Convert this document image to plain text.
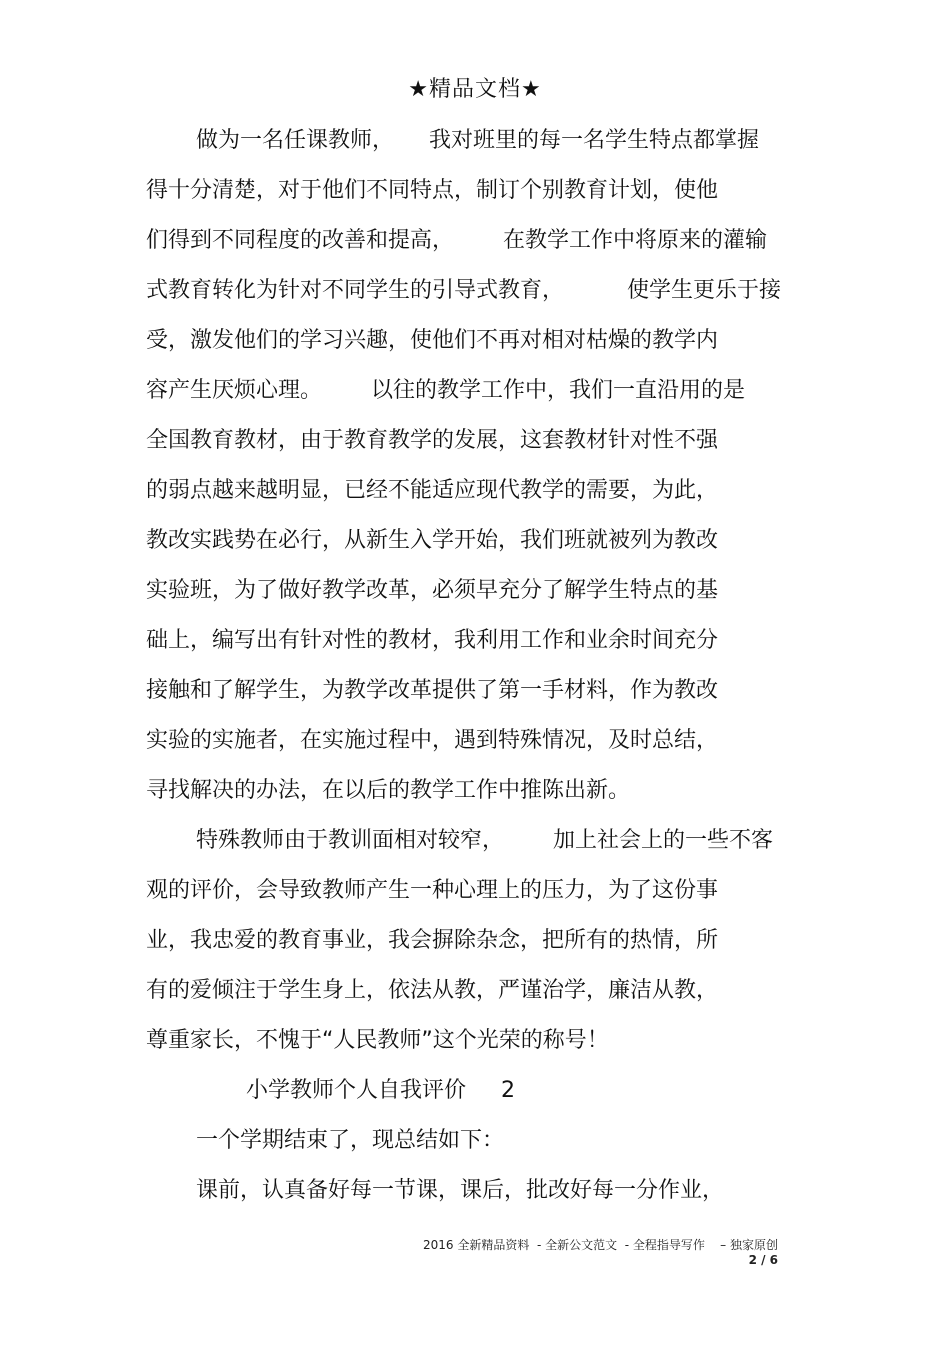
★精品文档★
做为一名任课教师，     我对班里的每一名学生特点都掌握
得十分清楚，对于他们不同特点，制订个别教育计划，使他
们得到不同程度的改善和提高，       在教学工作中将原来的灌输
式教育转化为针对不同学生的引导式教育，         使学生更乐于接
受，激发他们的学习兴趣，使他们不再对相对枯燥的教学内
容产生厌烦心理。       以往的教学工作中，我们一直沿用的是
全国教育教材，由于教育教学的发展，这套教材针对性不强
的弱点越来越明显，已经不能适应现代教学的需要，为此，
教改实践势在必行，从新生入学开始，我们班就被列为教改
实验班，为了做好教学改革，必须早充分了解学生特点的基
础上，编写出有针对性的教材，我利用工作和业余时间充分
接触和了解学生，为教学改革提供了第一手材料，作为教改
实验的实施者，在实施过程中，遇到特殊情况，及时总结，
寻找解决的办法，在以后的教学工作中推陈出新。
特殊教师由于教训面相对较窄，       加上社会上的一些不客
观的评价，会导致教师产生一种心理上的压力，为了这份事
业，我忠爱的教育事业，我会摒除杂念，把所有的热情，所
有的爱倾注于学生身上，依法从教，严谨治学，廉洁从教，
尊重家长，不愧于“人民教师”这个光荣的称号！
小学教师个人自我评价     2
一个学期结束了，现总结如下：
课前，认真备好每一节课，课后，批改好每一分作业，
2016 全新精品资料  - 全新公文范文  - 全程指导写作    – 独家原创
2 / 6
